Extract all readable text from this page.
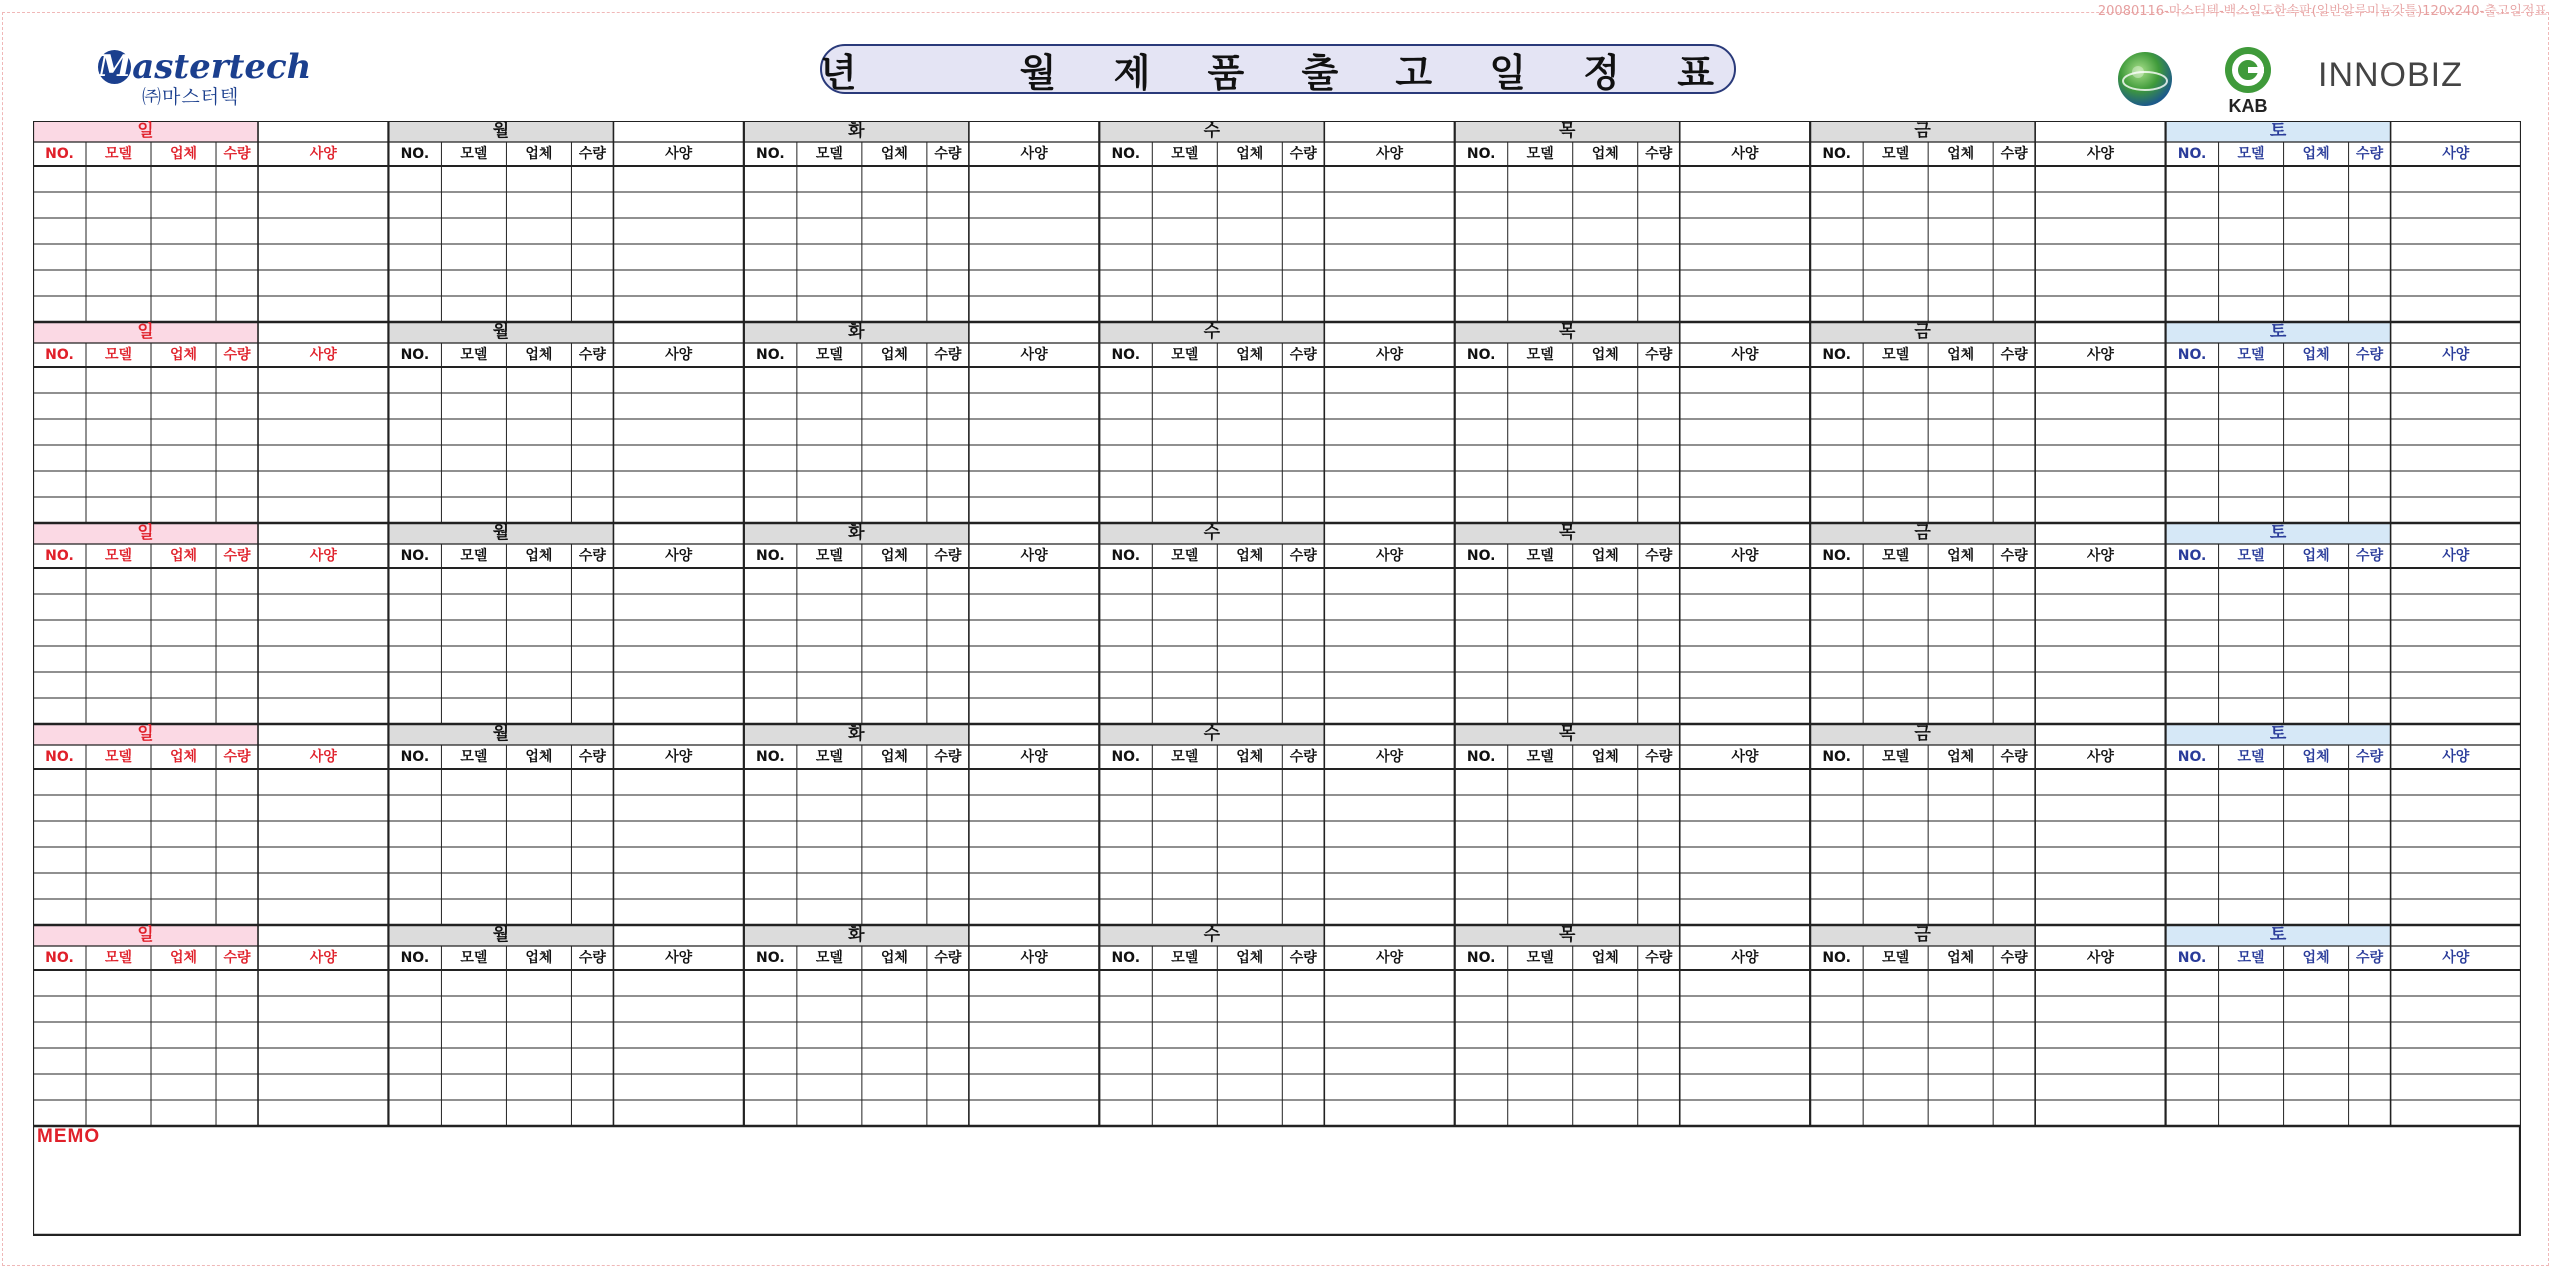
20080116-마스터텍-백스일도한속판(일반알루미늄갓틀)120x240-출고일정표
M astertech
㈜마스터텍
년    월 제 품 출 고 일 정 표
KAB
INNOBIZ
일
NO.	모델	업체	수량	사양
월
NO.	모델	업체	수량	사양
화
NO.	모델	업체	수량	사양
수
NO.	모델	업체	수량	사양
목
NO.	모델	업체	수량	사양
금
NO.	모델	업체	수량	사양
토
NO.	모델	업체	수량	사양
일
NO.	모델	업체	수량	사양
월
NO.	모델	업체	수량	사양
화
NO.	모델	업체	수량	사양
수
NO.	모델	업체	수량	사양
목
NO.	모델	업체	수량	사양
금
NO.	모델	업체	수량	사양
토
NO.	모델	업체	수량	사양
일
NO.	모델	업체	수량	사양
월
NO.	모델	업체	수량	사양
화
NO.	모델	업체	수량	사양
수
NO.	모델	업체	수량	사양
목
NO.	모델	업체	수량	사양
금
NO.	모델	업체	수량	사양
토
NO.	모델	업체	수량	사양
일
NO.	모델	업체	수량	사양
월
NO.	모델	업체	수량	사양
화
NO.	모델	업체	수량	사양
수
NO.	모델	업체	수량	사양
목
NO.	모델	업체	수량	사양
금
NO.	모델	업체	수량	사양
토
NO.	모델	업체	수량	사양
일
NO.	모델	업체	수량	사양
월
NO.	모델	업체	수량	사양
화
NO.	모델	업체	수량	사양
수
NO.	모델	업체	수량	사양
목
NO.	모델	업체	수량	사양
금
NO.	모델	업체	수량	사양
토
NO.	모델	업체	수량	사양
MEMO
